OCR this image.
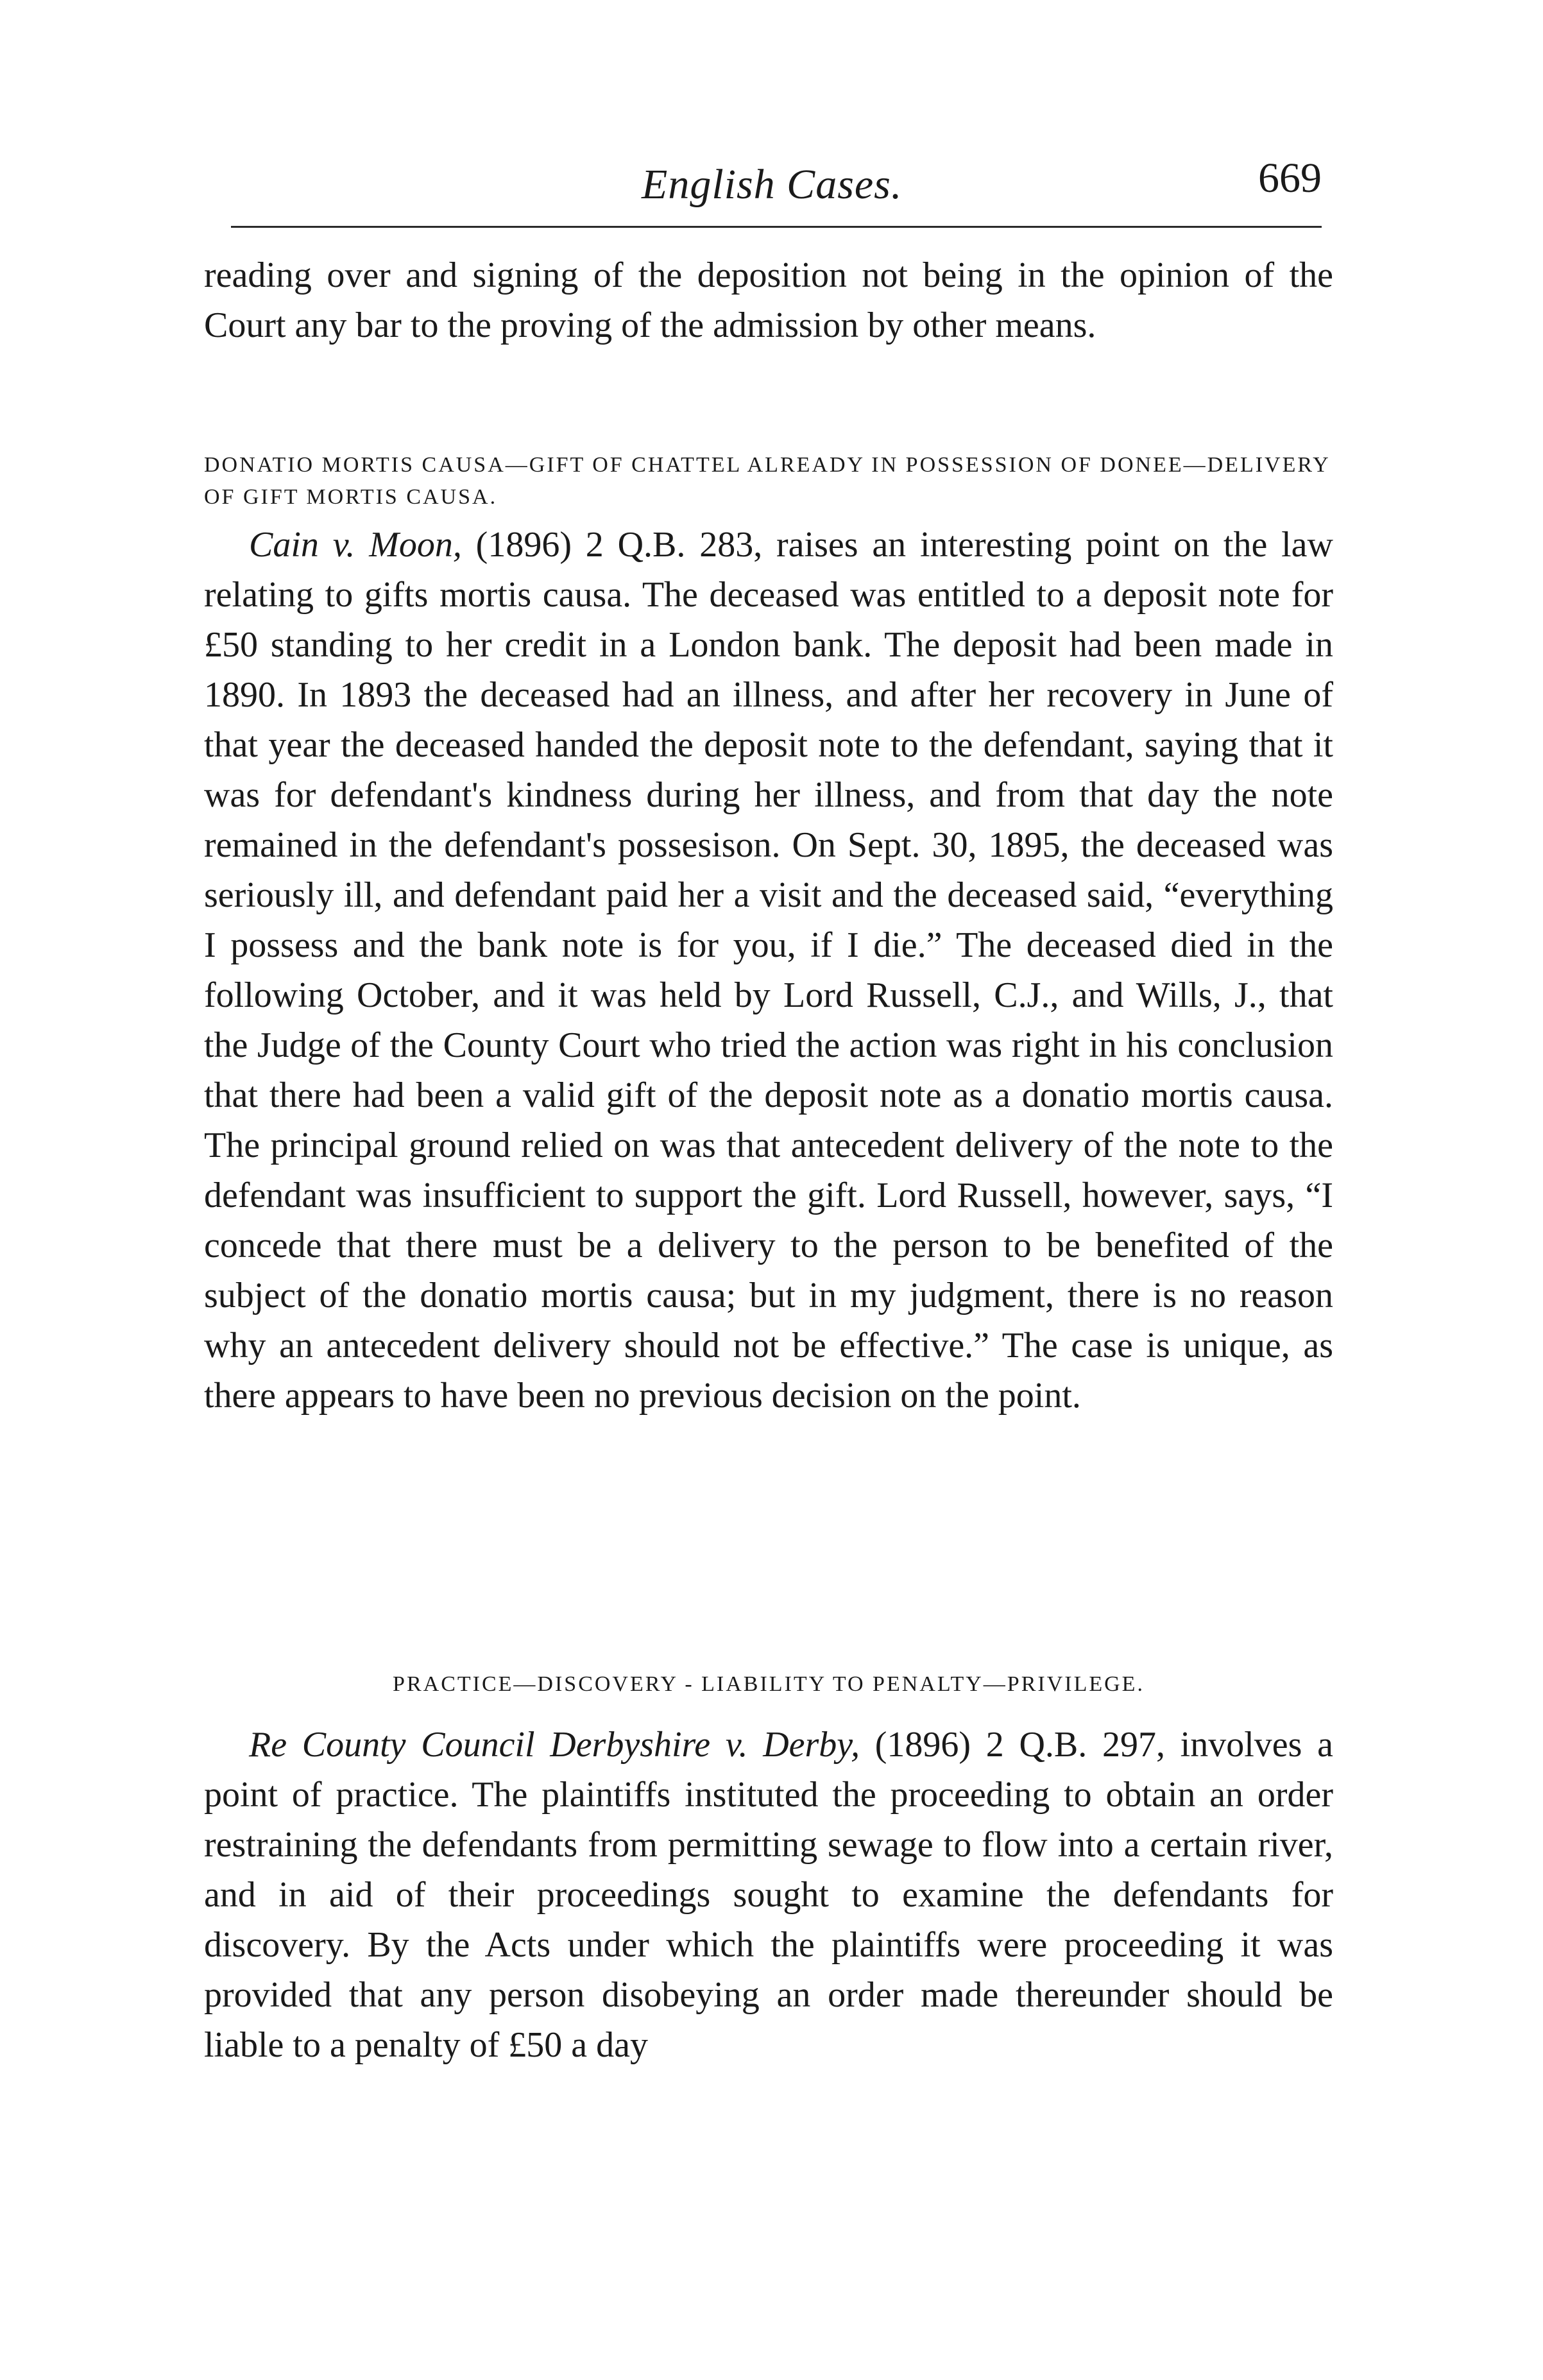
English Cases.	669

reading over and signing of the deposition not being in the opinion of the Court any bar to the proving of the admission by other means.

DONATIO MORTIS CAUSA—GIFT OF CHATTEL ALREADY IN POSSESSION OF DONEE—DELIVERY OF GIFT MORTIS CAUSA.
Cain v. Moon, (1896) 2 Q.B. 283, raises an interesting point on the law relating to gifts mortis causa. The deceased was entitled to a deposit note for £50 standing to her credit in a London bank. The deposit had been made in 1890. In 1893 the deceased had an illness, and after her recovery in June of that year the deceased handed the deposit note to the defendant, saying that it was for defendant's kindness during her illness, and from that day the note remained in the defendant's possesison. On Sept. 30, 1895, the deceased was seriously ill, and defendant paid her a visit and the deceased said, “everything I possess and the bank note is for you, if I die.” The deceased died in the following October, and it was held by Lord Russell, C.J., and Wills, J., that the Judge of the County Court who tried the action was right in his conclusion that there had been a valid gift of the deposit note as a donatio mortis causa. The principal ground relied on was that antecedent delivery of the note to the defendant was insufficient to support the gift. Lord Russell, however, says, “I concede that there must be a delivery to the person to be benefited of the subject of the donatio mortis causa; but in my judgment, there is no reason why an antecedent delivery should not be effective.” The case is unique, as there appears to have been no previous decision on the point.
PRACTICE—DISCOVERY - LIABILITY TO PENALTY—PRIVILEGE.
Re County Council Derbyshire v. Derby, (1896) 2 Q.B. 297, involves a point of practice. The plaintiffs instituted the proceeding to obtain an order restraining the defendants from permitting sewage to flow into a certain river, and in aid of their proceedings sought to examine the defendants for discovery. By the Acts under which the plaintiffs were proceeding it was provided that any person disobeying an order made thereunder should be liable to a penalty of £50 a day
